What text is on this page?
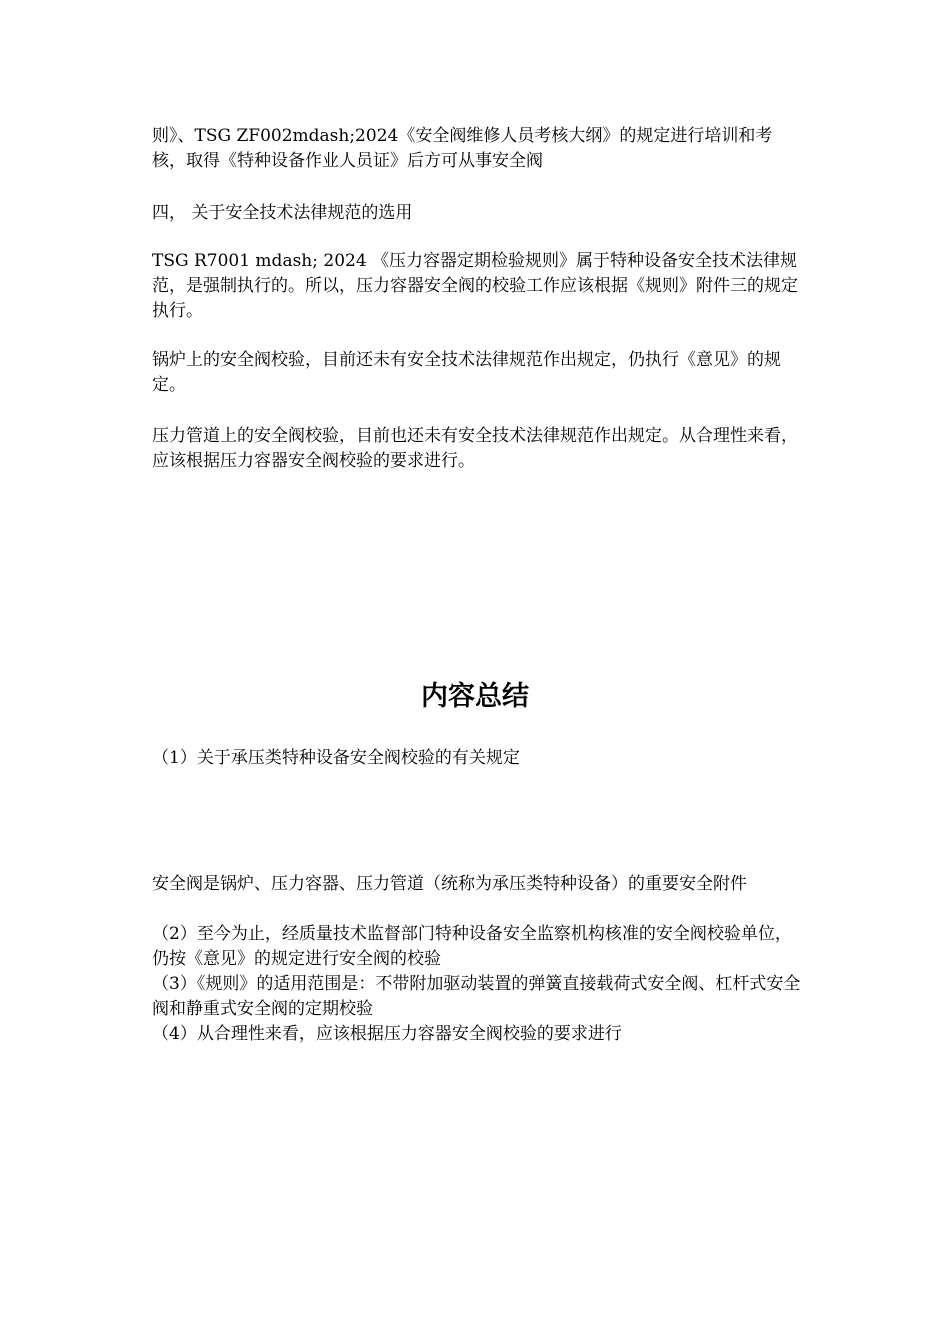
则》、TSG ZF002mdash;2024《安全阀维修人员考核大纲》的规定进行培训和考核，取得《特种设备作业人员证》后方可从事安全阀

四， 关于安全技术法律规范的选用

TSG R7001 mdash; 2024 《压力容器定期检验规则》属于特种设备安全技术法律规范，是强制执行的。所以，压力容器安全阀的校验工作应该根据《规则》附件三的规定执行。

锅炉上的安全阀校验，目前还未有安全技术法律规范作出规定，仍执行《意见》的规定。

压力管道上的安全阀校验，目前也还未有安全技术法律规范作出规定。从合理性来看，应该根据压力容器安全阀校验的要求进行。

内容总结

（1）关于承压类特种设备安全阀校验的有关规定

安全阀是锅炉、压力容器、压力管道（统称为承压类特种设备）的重要安全附件

（2）至今为止，经质量技术监督部门特种设备安全监察机构核准的安全阀校验单位，仍按《意见》的规定进行安全阀的校验

（3）《规则》的适用范围是：不带附加驱动装置的弹簧直接载荷式安全阀、杠杆式安全阀和静重式安全阀的定期校验

（4）从合理性来看，应该根据压力容器安全阀校验的要求进行
